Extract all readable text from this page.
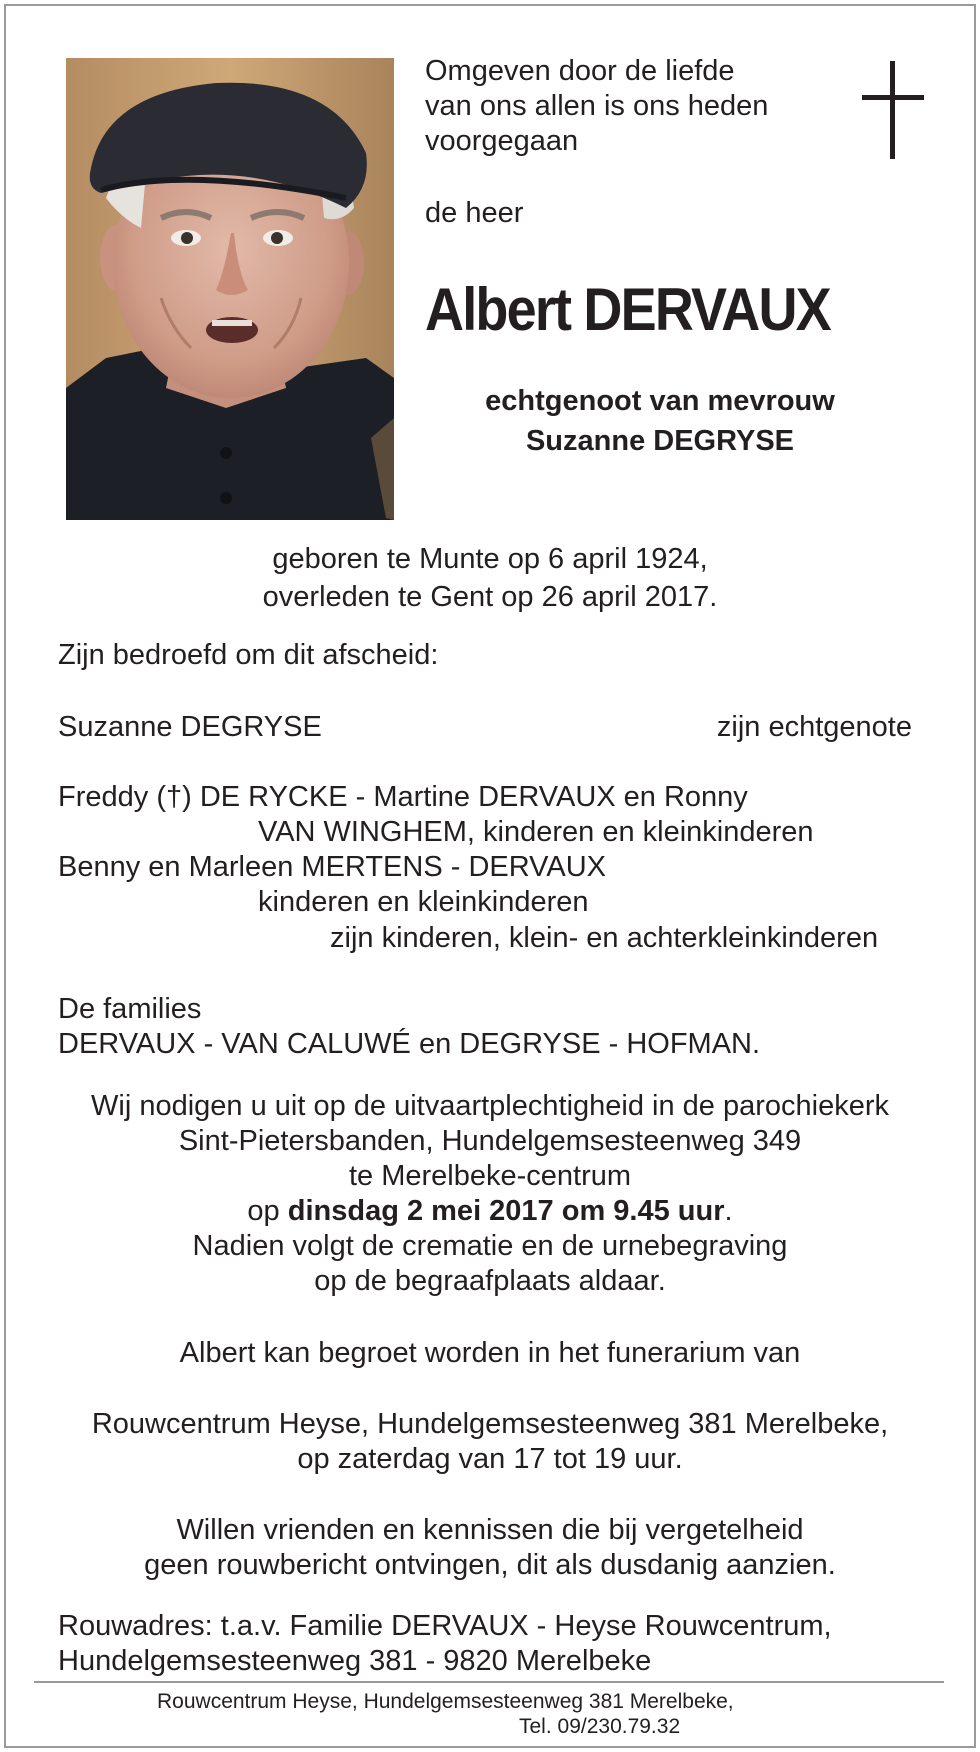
Omgeven door de liefde
van ons allen is ons heden
voorgegaan
de heer
Albert DERVAUX
echtgenoot van mevrouw
Suzanne DEGRYSE
geboren te Munte op 6 april 1924,
overleden te Gent op 26 april 2017.
Zijn bedroefd om dit afscheid:
Suzanne DEGRYSE	zijn echtgenote
Freddy (†) DE RYCKE - Martine DERVAUX en Ronny
VAN WINGHEM, kinderen en kleinkinderen
Benny en Marleen MERTENS - DERVAUX
kinderen en kleinkinderen
zijn kinderen, klein- en achterkleinkinderen
De families
DERVAUX - VAN CALUWÉ en DEGRYSE - HOFMAN.
Wij nodigen u uit op de uitvaartplechtigheid in de parochiekerk
Sint-Pietersbanden, Hundelgemsesteenweg 349
te Merelbeke-centrum
op dinsdag 2 mei 2017 om 9.45 uur.
Nadien volgt de crematie en de urnebegraving
op de begraafplaats aldaar.
Albert kan begroet worden in het funerarium van
Rouwcentrum Heyse, Hundelgemsesteenweg 381 Merelbeke,
op zaterdag van 17 tot 19 uur.
Willen vrienden en kennissen die bij vergetelheid
geen rouwbericht ontvingen, dit als dusdanig aanzien.
Rouwadres: t.a.v. Familie DERVAUX - Heyse Rouwcentrum,
Hundelgemsesteenweg 381 - 9820 Merelbeke
Rouwcentrum Heyse, Hundelgemsesteenweg 381 Merelbeke,
Tel. 09/230.79.32
